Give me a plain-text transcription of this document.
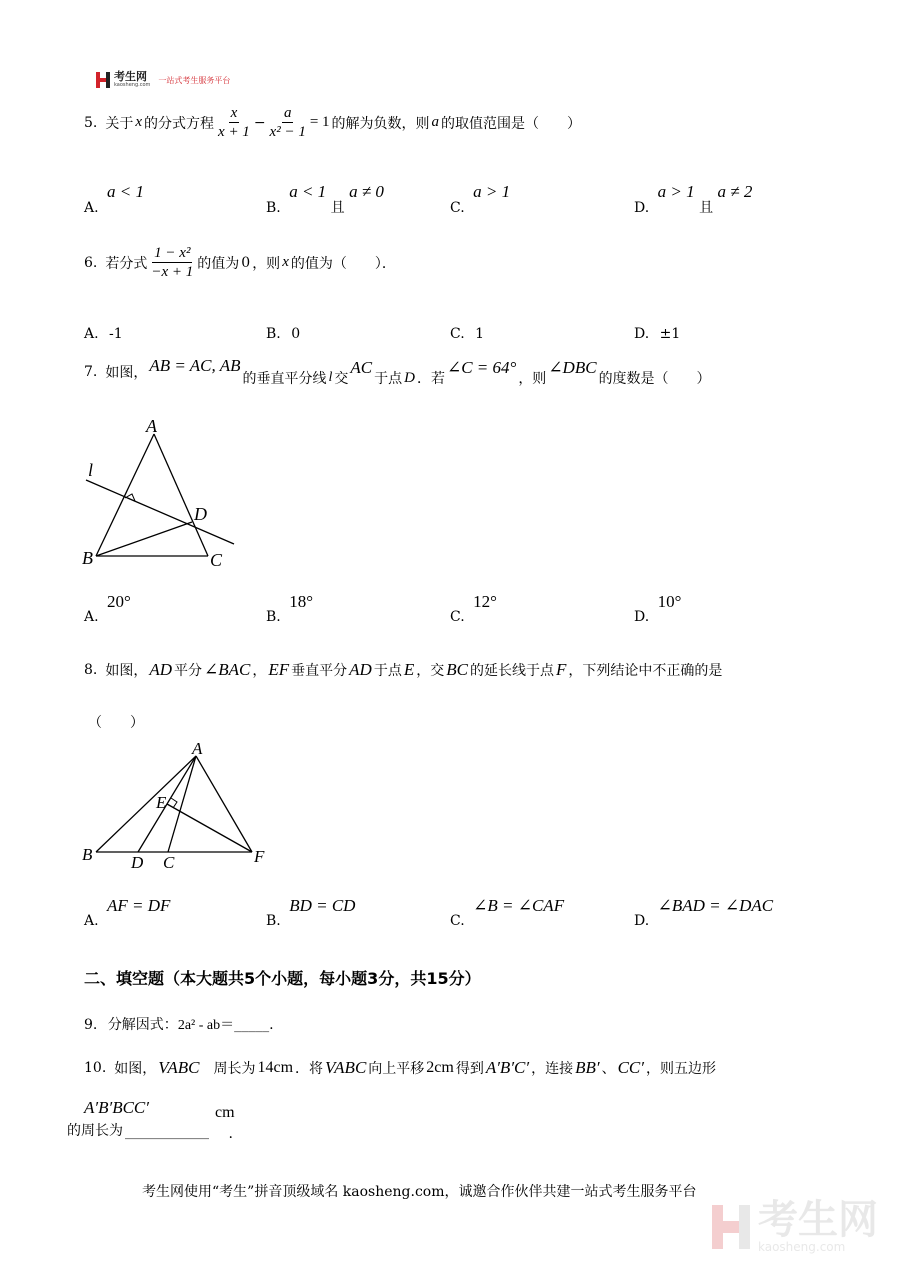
考生网
kaosheng.com
一站式考生服务平台
5. 关于 x 的分式方程 $\frac{x}{x + 1} - \frac{a}{\text{x² − 1}} = 1$ 的解为负数，则 a 的取值范围是（　　）
A. a < 1
B. a < 1 且 a ≠ 0
C. a > 1
D. a > 1 且 a ≠ 2
6. 若分式 $\frac{\text{1 − x²}}{-x + 1}$ 的值为 0 ，则 x 的值为（　　）．
A. -1	B. 0	C. 1	D. ±1
7. 如图， AB = AC, AB
的垂直平分线 l 交
AC
于点 D ．若
∠C = 64°
，则
∠DBC
的度数是（　　）
A
B	C
D
l
A. 20°
B. 18°
C. 12°
D. 10°
8. 如图， AD 平分 ∠BAC ， EF 垂直平分 AD 于点 E ，交 BC 的延长线于点 F ，下列结论中不正确的是
（　　）
A
B D C
E
F
A. AF = DF
B. BD = CD
C. ∠B = ∠CAF
D. ∠BAD = ∠DAC
二、填空题（本大题共5个小题，每小题3分，共15分）
9. 分解因式：2a² - ab＝_____.
10. 如图， VABC 周长为 14cm ．将 VABC 向上平移 2cm 得到 A′B′C′ ，连接 BB′ 、 CC′ ，则五边形
A′B′BCC′
的周长为 ____________
cm
.
考生网使用“考生”拼音顶级域名 kaosheng.com，诚邀合作伙伴共建一站式考生服务平台
考生网
kaosheng.com
